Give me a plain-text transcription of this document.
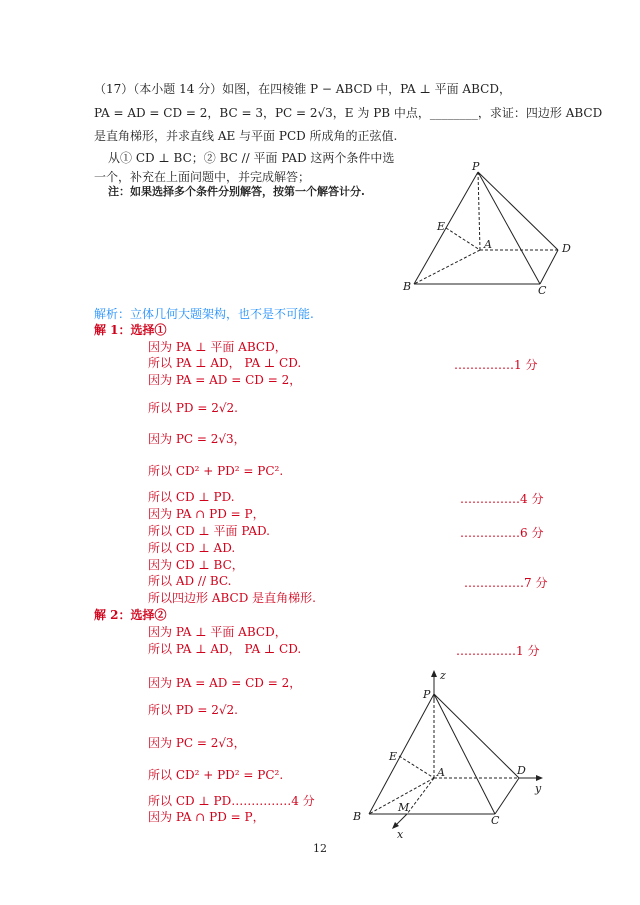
（17）（本小题 14 分）如图，在四棱锥 P − ABCD 中，PA ⊥ 平面 ABCD，
PA = AD = CD = 2，BC = 3，PC = 2√3，E 为 PB 中点，________，求证：四边形 ABCD
是直角梯形，并求直线 AE 与平面 PCD 所成角的正弦值.
从① CD ⊥ BC；② BC // 平面 PAD 这两个条件中选
一个，补充在上面问题中，并完成解答；
注：如果选择多个条件分别解答，按第一个解答计分.
P
E
A	D
B	C
解析：立体几何大题架构，也不是不可能.
解 1：选择①
因为 PA ⊥ 平面 ABCD，
所以 PA ⊥ AD， PA ⊥ CD.	……………1 分
因为 PA = AD = CD = 2，
所以 PD = 2√2.
因为 PC = 2√3，
所以 CD² + PD² = PC².
所以 CD ⊥ PD.	……………4 分
因为 PA ∩ PD = P，
所以 CD ⊥ 平面 PAD.	……………6 分
所以 CD ⊥ AD.
因为 CD ⊥ BC，
所以 AD // BC.	……………7 分
所以四边形 ABCD 是直角梯形.
解 2：选择②
因为 PA ⊥ 平面 ABCD，
所以 PA ⊥ AD， PA ⊥ CD.	……………1 分
因为 PA = AD = CD = 2，
所以 PD = 2√2.
因为 PC = 2√3，
所以 CD² + PD² = PC².
所以 CD ⊥ PD……………4 分
因为 PA ∩ PD = P，
z
P
E
A	D
y
B
M
C
x
12
